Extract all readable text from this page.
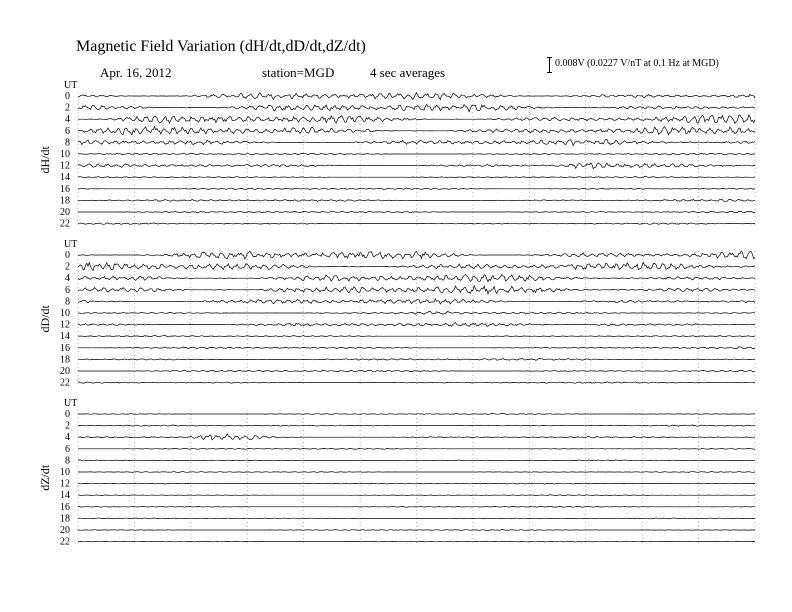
Magnetic Field Variation (dH/dt,dD/dt,dZ/dt)
Apr. 16, 2012	station=MGD	4 sec averages
0.008V (0.0227 V/nT at 0.1 Hz at MGD)
UT
dH/dt
0
2
4
6
8
10
12
14
16
18
20
22
UT
dD/dt
0
2
4
6
8
10
12
14
16
18
20
22
UT
dZ/dt
0
2
4
6
8
10
12
14
16
18
20
22
